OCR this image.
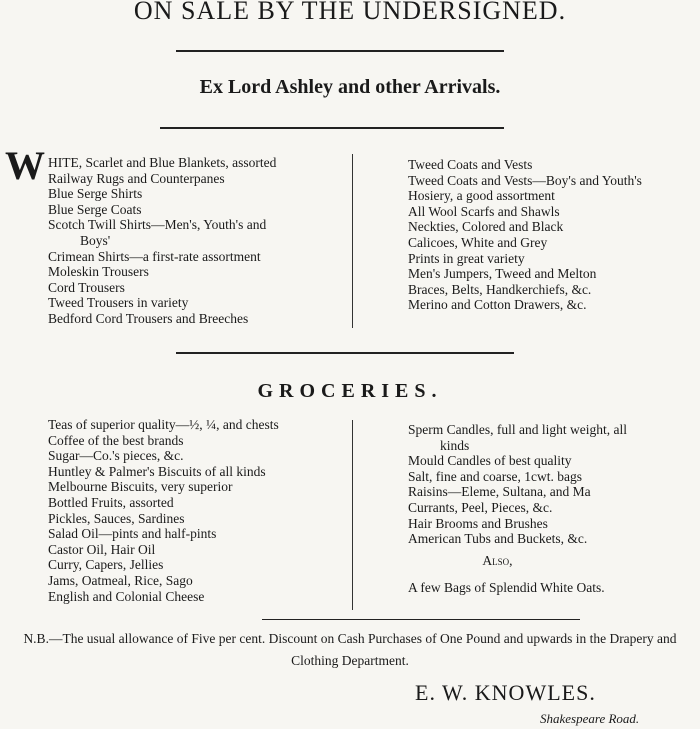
ON SALE BY THE UNDERSIGNED.
Ex Lord Ashley and other Arrivals.
W HITE, Scarlet and Blue Blankets, assorted
Railway Rugs and Counterpanes
Blue Serge Shirts
Blue Serge Coats
Scotch Twill Shirts—Men's, Youth's and
Boys'
Crimean Shirts—a first-rate assortment
Moleskin Trousers
Cord Trousers
Tweed Trousers in variety
Bedford Cord Trousers and Breeches
Tweed Coats and Vests
Tweed Coats and Vests—Boy's and Youth's
Hosiery, a good assortment
All Wool Scarfs and Shawls
Neckties, Colored and Black
Calicoes, White and Grey
Prints in great variety
Men's Jumpers, Tweed and Melton
Braces, Belts, Handkerchiefs, &c.
Merino and Cotton Drawers, &c.
GROCERIES.
Teas of superior quality—½, ¼, and chests
Coffee of the best brands
Sugar—Co.'s pieces, &c.
Huntley & Palmer's Biscuits of all kinds
Melbourne Biscuits, very superior
Bottled Fruits, assorted
Pickles, Sauces, Sardines
Salad Oil—pints and half-pints
Castor Oil, Hair Oil
Curry, Capers, Jellies
Jams, Oatmeal, Rice, Sago
English and Colonial Cheese
Sperm Candles, full and light weight, all
kinds
Mould Candles of best quality
Salt, fine and coarse, 1cwt. bags
Raisins—Eleme, Sultana, and Ma
Currants, Peel, Pieces, &c.
Hair Brooms and Brushes
American Tubs and Buckets, &c.
Also,
A few Bags of Splendid White Oats.
N.B.—The usual allowance of Five per cent. Discount on Cash Purchases of One Pound and upwards in the Drapery and Clothing Department.
E. W. KNOWLES.
Shakespeare Road.
